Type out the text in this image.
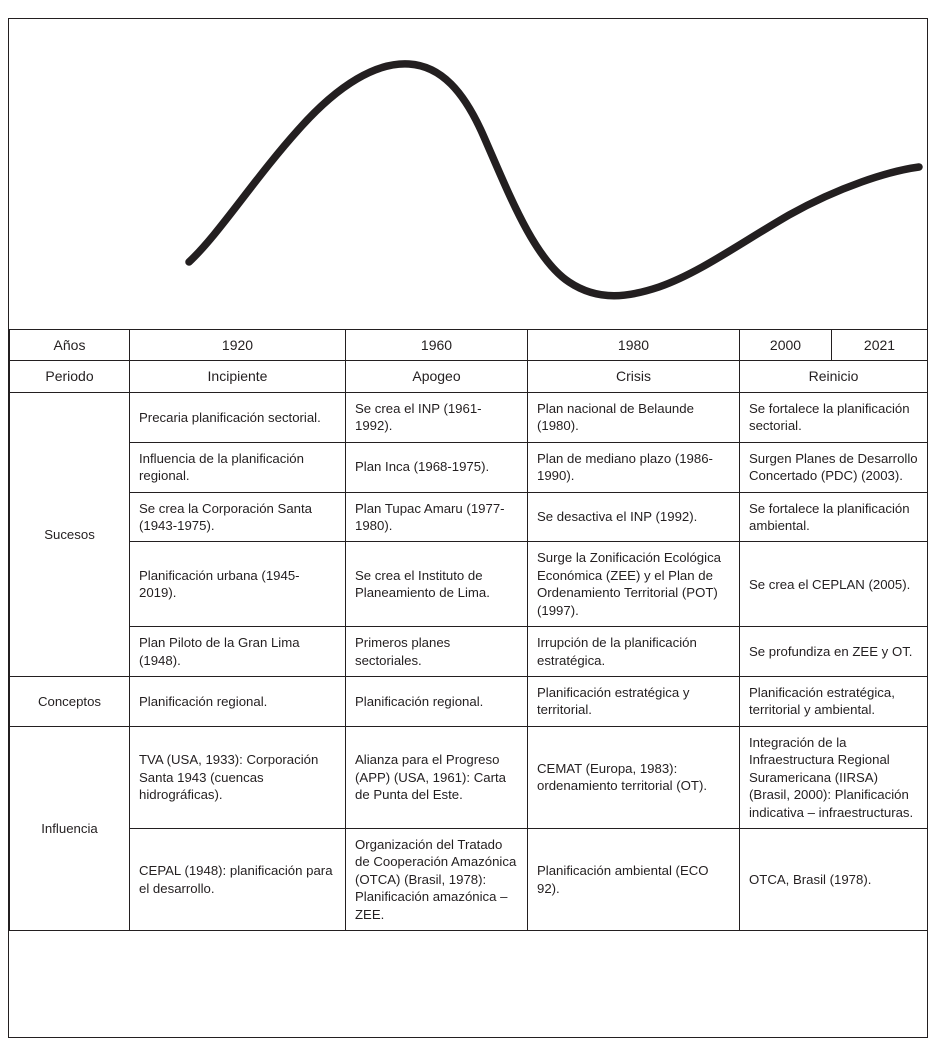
Años	1920	1960	1980	2000	2021
Periodo	Incipiente	Apogeo	Crisis	Reinicio	
Sucesos	Precaria planificación sectorial.	Se crea el INP (1961-1992).	Plan nacional de Belaunde (1980).	Se fortalece la planificación sectorial.	
	Influencia de la planificación regional.	Plan Inca (1968-1975).	Plan de mediano plazo (1986-1990).	Surgen Planes de Desarrollo Concertado (PDC) (2003).	
	Se crea la Corporación Santa (1943-1975).	Plan Tupac Amaru (1977-1980).	Se desactiva el INP (1992).	Se fortalece la planificación ambiental.	
	Planificación urbana (1945-2019).	Se crea el Instituto de Planeamiento de Lima.	Surge la Zonificación Ecológica Económica (ZEE) y el Plan de Ordenamiento Territorial (POT) (1997).	Se crea el CEPLAN (2005).	
	Plan Piloto de la Gran Lima (1948).	Primeros planes sectoriales.	Irrupción de la planificación estratégica.	Se profundiza en ZEE y OT.	
Conceptos	Planificación regional.	Planificación regional.	Planificación estratégica y territorial.	Planificación estratégica, territorial y ambiental.	
Influencia	TVA (USA, 1933): Corporación Santa 1943 (cuencas hidrográficas).	Alianza para el Progreso (APP) (USA, 1961): Carta de Punta del Este.	CEMAT (Europa, 1983): ordenamiento territorial (OT).	Integración de la Infraestructura Regional Suramericana (IIRSA) (Brasil, 2000): Planificación indicativa – infraestructuras.	
	CEPAL (1948): planificación para el desarrollo.	Organización del Tratado de Cooperación Amazónica (OTCA) (Brasil, 1978): Planificación amazónica – ZEE.	Planificación ambiental (ECO 92).	OTCA, Brasil (1978).	
